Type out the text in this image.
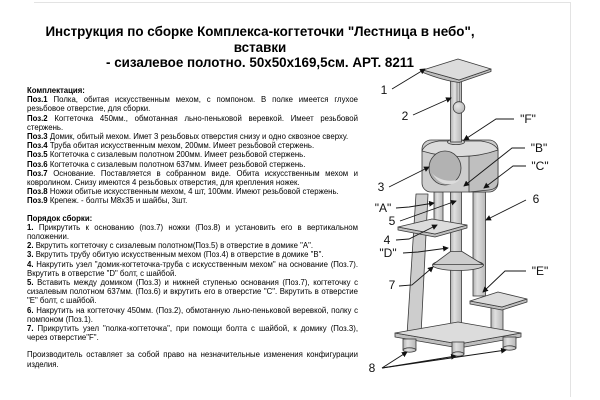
Инструкция по сборке Комплекса-когтеточки "Лестница в небо", вставки
- сизалевое полотно. 50х50х169,5см. АРТ. 8211

Комплектация:

Поз.1 Полка, обитая искусственным мехом, с помпоном. В полке имеется глухое резьбовое отверстие, для сборки.

Поз.2 Когтеточка 450мм., обмотанная льно-пеньковой веревкой. Имеет резьбовой стержень.

Поз.3 Домик, обитый мехом. Имет 3 резьбовых отверстия снизу и одно сквозное сверху.

Поз.4 Труба обитая искусственным мехом, 200мм. Имеет резьбовой стержень.

Поз.5 Когтеточка с сизалевым полотном 200мм. Имеет резьбовой стержень.

Поз.6 Когтеточка с сизалевым полотном 637мм. Имеет резьбовой стержень.

Поз.7 Основание. Поставляется в собранном виде. Обита искусственным мехом и ковролином. Снизу имеются 4 резьбовых отверстия, для крепления ножек.

Поз.8 Ножки обитые искусственным мехом, 4 шт, 100мм. Имеют резьбовой стержень.

Поз.9 Крепеж. - болты М8х35 и шайбы, 3шт.

Порядок сборки:

1. Прикрутить к основанию (поз.7) ножки (Поз.8) и установить его в вертикальном положении.

2. Вкрутить когтеточку с сизалевым полотном(Поз.5) в отверстие в домике "A".

3. Вкрутить трубу обитую искусственным мехом (Поз.4) в отверстие в домике "B".

4. Накрутить узел "домик-когтеточка-труба с искусственным мехом" на основание (Поз.7). Вкрутить в отверстие "D" болт, с шайбой.

5. Вставить между домиком (Поз.3) и нижней ступенью основания (Поз.7), когтеточку с сизалевым полотном 637мм. (Поз.6) и вкрутить его в отверстие "C". Вкрутить в отверстие "E" болт, с шайбой.

6. Накрутить на когтеточку 450мм. (Поз.2), обмотанную льно-пеньковой веревкой, полку с помпоном (Поз.1).

7. Прикрутить узел "полка-когтеточка", при помощи болта с шайбой, к домику (Поз.3), через отверстие"F".

Производитель оставляет за собой право на незначительные изменения конфигурации изделия.

1
2	"F"
"B"
"C"
3
"A"
5
4
"D"
6
7
"E"
8
